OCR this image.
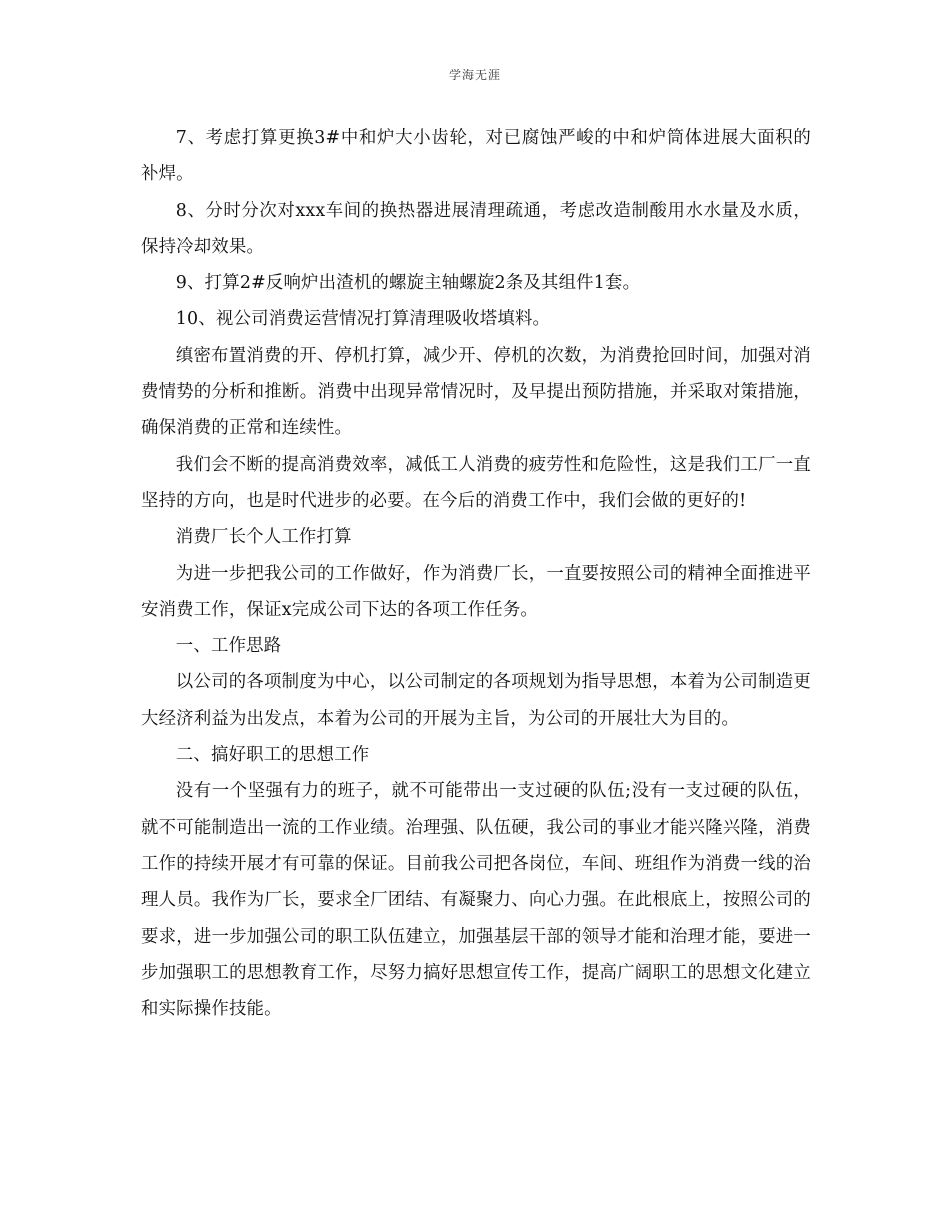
学海无涯

7、考虑打算更换3#中和炉大小齿轮，对已腐蚀严峻的中和炉筒体进展大面积的补焊。

8、分时分次对xxx车间的换热器进展清理疏通，考虑改造制酸用水水量及水质，保持冷却效果。

9、打算2#反响炉出渣机的螺旋主轴螺旋2条及其组件1套。

10、视公司消费运营情况打算清理吸收塔填料。

缜密布置消费的开、停机打算，减少开、停机的次数，为消费抢回时间，加强对消费情势的分析和推断。消费中出现异常情况时，及早提出预防措施，并采取对策措施，确保消费的正常和连续性。

我们会不断的提高消费效率，减低工人消费的疲劳性和危险性，这是我们工厂一直坚持的方向，也是时代进步的必要。在今后的消费工作中，我们会做的更好的!

消费厂长个人工作打算

为进一步把我公司的工作做好，作为消费厂长，一直要按照公司的精神全面推进平安消费工作，保证x完成公司下达的各项工作任务。

一、工作思路

以公司的各项制度为中心，以公司制定的各项规划为指导思想，本着为公司制造更大经济利益为出发点，本着为公司的开展为主旨，为公司的开展壮大为目的。

二、搞好职工的思想工作

没有一个坚强有力的班子，就不可能带出一支过硬的队伍;没有一支过硬的队伍，就不可能制造出一流的工作业绩。治理强、队伍硬，我公司的事业才能兴隆兴隆，消费工作的持续开展才有可靠的保证。目前我公司把各岗位，车间、班组作为消费一线的治理人员。我作为厂长，要求全厂团结、有凝聚力、向心力强。在此根底上，按照公司的要求，进一步加强公司的职工队伍建立，加强基层干部的领导才能和治理才能，要进一步加强职工的思想教育工作，尽努力搞好思想宣传工作，提高广阔职工的思想文化建立和实际操作技能。
